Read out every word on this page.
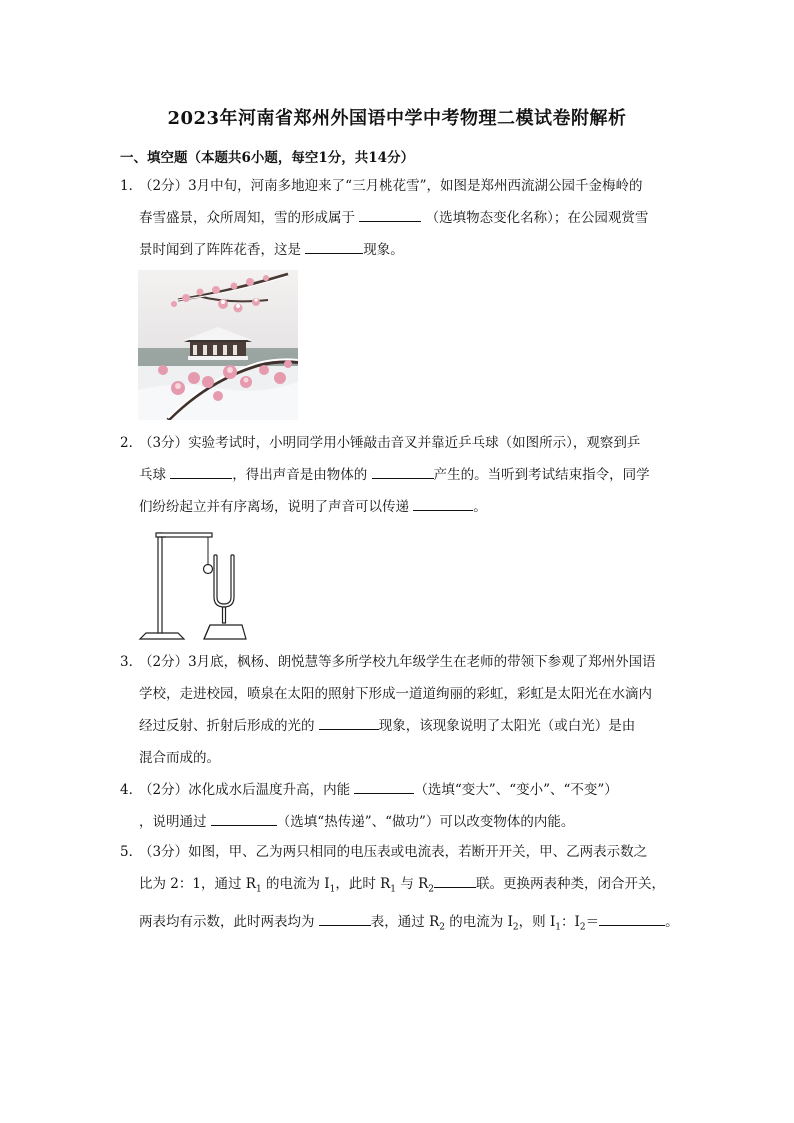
2023年河南省郑州外国语中学中考物理二模试卷附解析
一、填空题（本题共6小题，每空1分，共14分）
1．
（2分）3月中旬，河南多地迎来了“三月桃花雪”，如图是郑州西流湖公园千金梅岭的
春雪盛景，众所周知，雪的形成属于	（选填物态变化名称）；在公园观赏雪
景时闻到了阵阵花香，这是	现象。
2．
（3分）实验考试时，小明同学用小锤敲击音叉并靠近乒乓球（如图所示），观察到乒
乓球	，得出声音是由物体的	产生的。当听到考试结束指令，同学
们纷纷起立并有序离场，说明了声音可以传递	。
3．
（2分）3月底，枫杨、朗悦慧等多所学校九年级学生在老师的带领下参观了郑州外国语
学校，走进校园，喷泉在太阳的照射下形成一道道绚丽的彩虹，彩虹是太阳光在水滴内
经过反射、折射后形成的光的	现象，该现象说明了太阳光（或白光）是由
混合而成的。
4．
（2分）冰化成水后温度升高，内能	（选填“变大”、“变小”、“不变”）
，说明通过	（选填“热传递”、“做功”）可以改变物体的内能。
5．
（3分）如图，甲、乙为两只相同的电压表或电流表，若断开开关，甲、乙两表示数之
比为 2：1，通过 $R_1$ 的电流为 $I_1$，此时 $R_1$ 与 $R_2$	联。更换两表种类，闭合开关，
两表均有示数，此时两表均为	表，通过 $R_2$ 的电流为 $I_2$，则 $I_1$：$I_2=$	。
